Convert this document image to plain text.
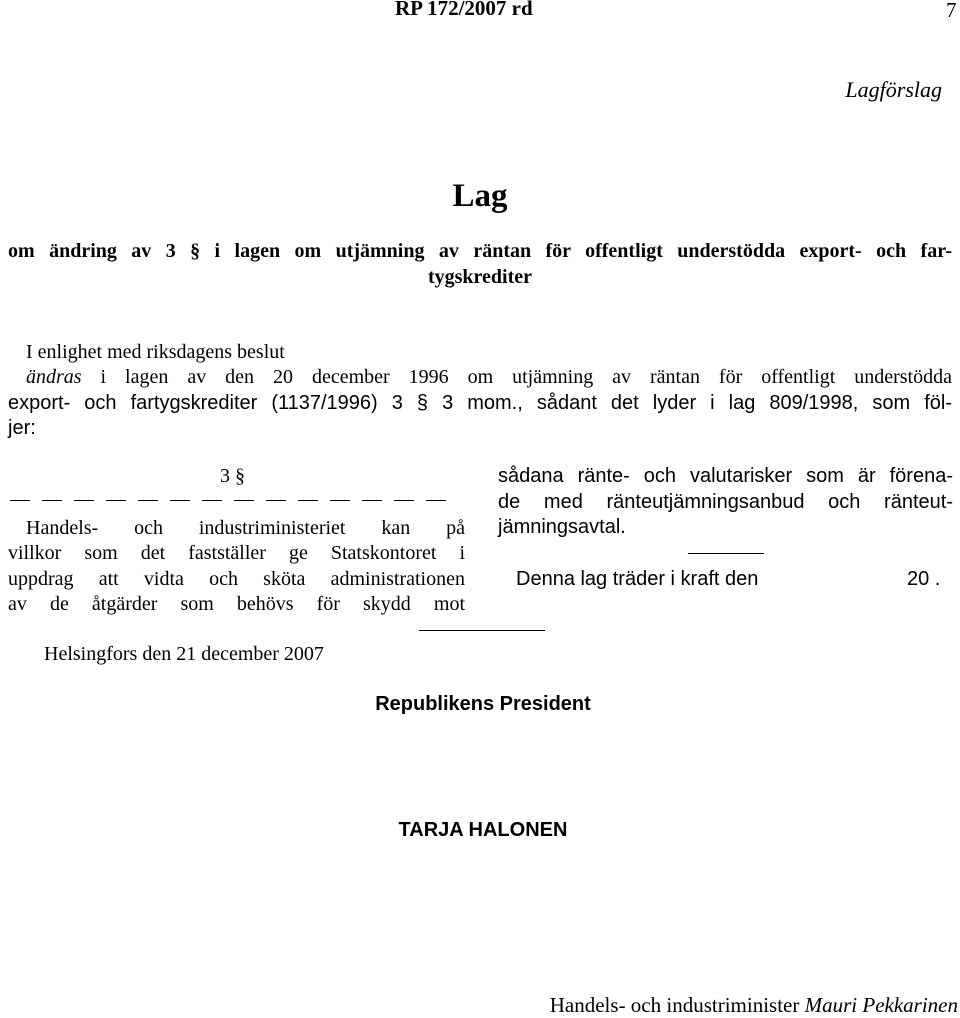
RP 172/2007 rd	7
Lagförslag
Lag
om ändring av 3 § i lagen om utjämning av räntan för offentligt understödda export- och far-
tygskrediter
I enlighet med riksdagens beslut
ändras i lagen av den 20 december 1996 om utjämning av räntan för offentligt understödda
export- och fartygskrediter (1137/1996) 3 § 3 mom., sådant det lyder i lag 809/1998, som föl-
jer:
3 §
Handels- och industriministeriet kan på
villkor som det fastställer ge Statskontoret i
uppdrag att vidta och sköta administrationen
av de åtgärder som behövs för skydd mot
sådana ränte- och valutarisker som är förena-
de med ränteutjämningsanbud och ränteut-
jämningsavtal.
Denna lag träder i kraft den	20 .
Helsingfors den 21 december 2007
Republikens President
TARJA HALONEN
Handels- och industriminister Mauri Pekkarinen
